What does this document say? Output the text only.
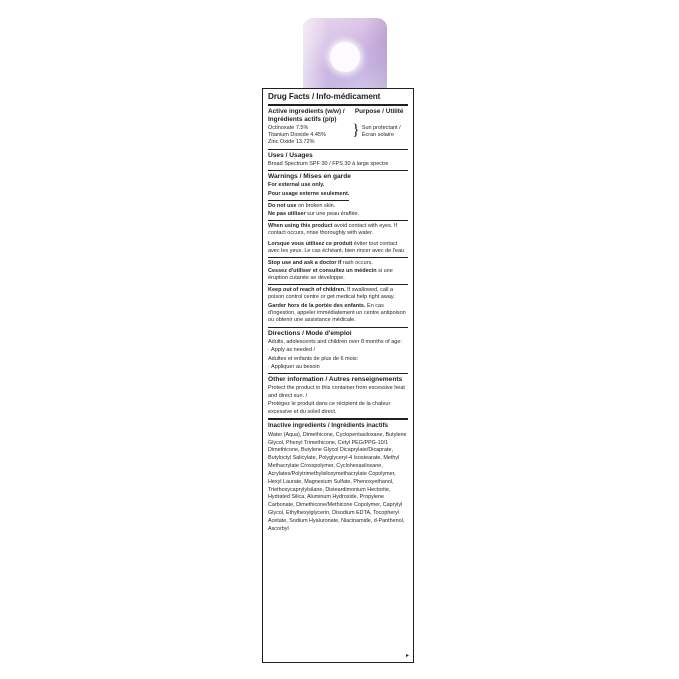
Drug Facts / Info-médicament
Active ingredients (w/w) / Ingrédients actifs (p/p)
Purpose / Utilité
Octinoxate 7.5%
Titanium Dioxide 4.45%
Zinc Oxide 13.72%
} Sun protectant / Écran solaire
Uses / Usages
Broad Spectrum SPF 30 / FPS 30 à large spectre
Warnings / Mises en garde
For external use only.
Pour usage externe seulement.
Do not use on broken skin.
Ne pas utiliser sur une peau éraflée.
When using this product avoid contact with eyes. If contact occurs, rinse thoroughly with water.
Lorsque vous utilisez ce produit éviter tout contact avec les yeux. Le cas échéant, bien rincer avec de l'eau
Stop use and ask a doctor if rash occurs.
Cessez d'utiliser et consultez un médecin si une éruption cutanée se développe.
Keep out of reach of children. If swallowed, call a poison control centre or get medical help right away.
Garder hors de la portée des enfants. En cas d'ingestion, appeler immédiatement un centre antipoison ou obtenir une assistance médicale.
Directions / Mode d'emploi
Adults, adolescents and children over 8 months of age:
· Apply as needed /
Adultes et enfants de plus de 6 mois:
· Appliquer au besoin
Other information / Autres renseignements
Protect the product in this container from excessive heat and direct sun. /
Protégez le produit dans ce récipient de la chaleur excessive et du soleil direct.
Inactive ingredients / Ingrédients inactifs
Water (Aqua), Dimethicone, Cyclopentasiloxane, Butylene Glycol, Phenyl Trimethicone, Cetyl PEG/PPG-10/1 Dimethicone, Butylene Glycol Dicaprylate/Dicaprate, Butyloctyl Salicylate, Polyglyceryl-4 Isostearate, Methyl Methacrylate Crosspolymer, Cyclohexasiloxane, Acrylates/Polytrimethylsiloxymethacrylate Copolymer, Hexyl Laurate, Magnesium Sulfate, Phenoxyethanol, Triethoxycaprylylsilane, Disteardimonium Hectorite, Hydrated Silica, Aluminum Hydroxide, Propylene Carbonate, Dimethicone/Methicone Copolymer, Caprylyl Glycol, Ethylhexylglycerin, Disodium EDTA, Tocopheryl Acetate, Sodium Hyaluronate, Niacinamide, d-Panthenol, Ascorbyl
▸
